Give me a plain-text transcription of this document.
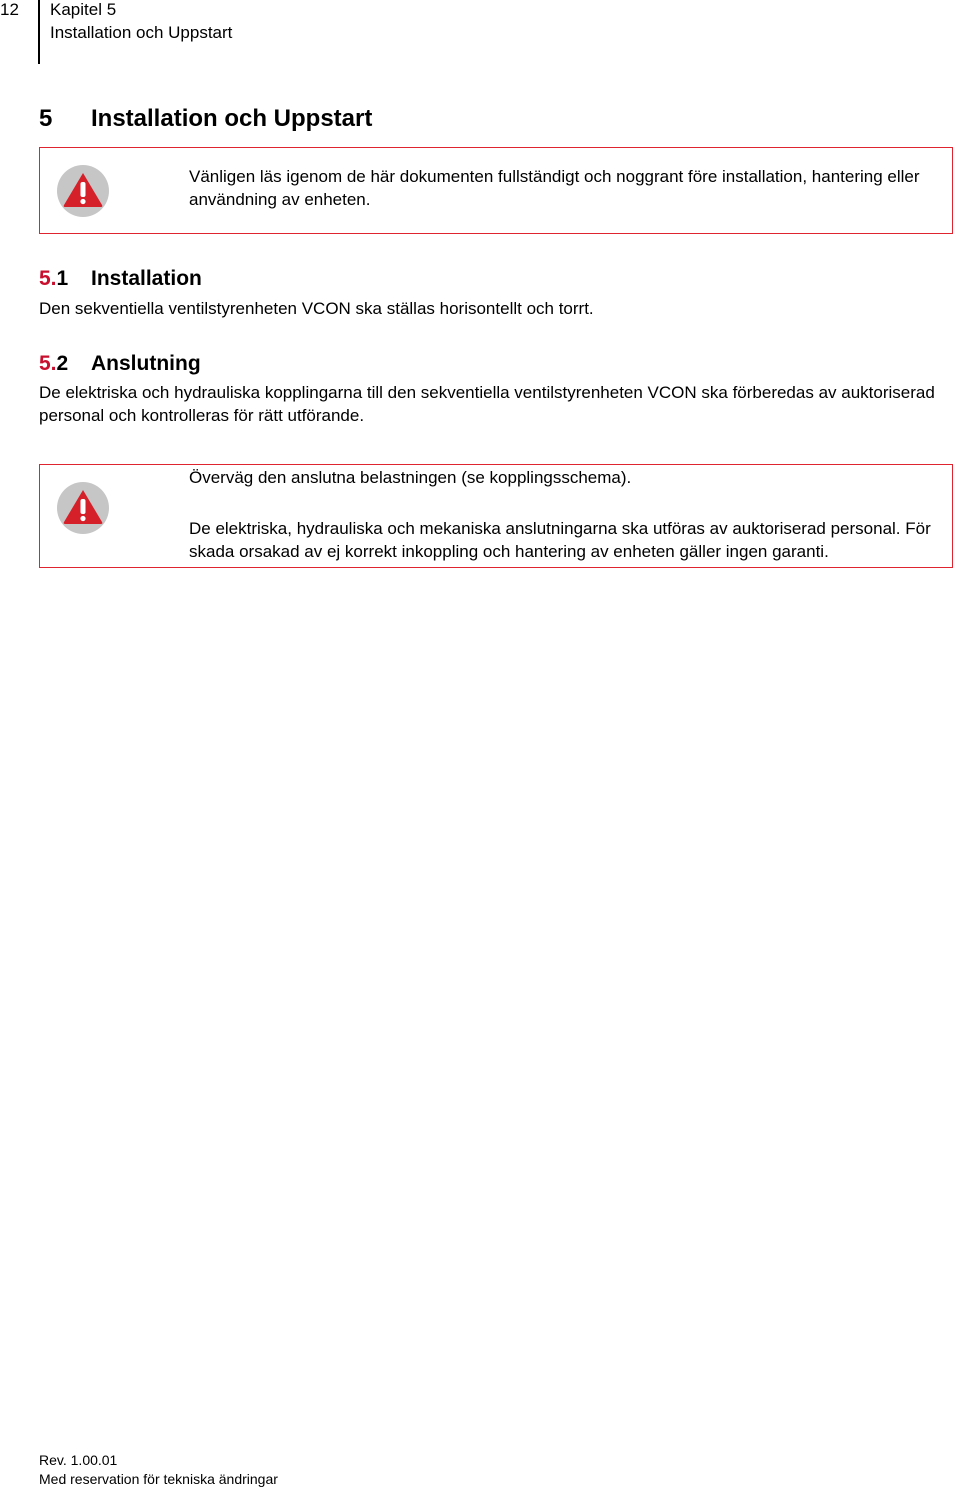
12 Kapitel 5
Installation och Uppstart
5 Installation och Uppstart
Vänligen läs igenom de här dokumenten fullständigt och noggrant före installation, hantering eller användning av enheten.
5.1 Installation
Den sekventiella ventilstyrenheten VCON ska ställas horisontellt och torrt.
5.2 Anslutning
De elektriska och hydrauliska kopplingarna till den sekventiella ventilstyrenheten VCON ska förberedas av auktoriserad personal och kontrolleras för rätt utförande.
Överväg den anslutna belastningen (se kopplingsschema).
De elektriska, hydrauliska och mekaniska anslutningarna ska utföras av auktoriserad personal. För skada orsakad av ej korrekt inkoppling och hantering av enheten gäller ingen garanti.
Rev. 1.00.01
Med reservation för tekniska ändringar
